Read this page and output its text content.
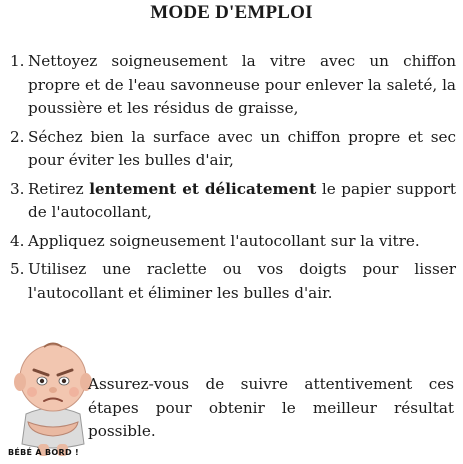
MODE D'EMPLOI
1. Nettoyez soigneusement la vitre avec un chiffon propre et de l'eau savonneuse pour enlever la saleté, la poussière et les résidus de graisse,
2. Séchez bien la surface avec un chiffon propre et sec pour éviter les bulles d'air,
3. Retirez lentement et délicatement le papier support de l'autocollant,
4. Appliquez soigneusement l'autocollant sur la vitre.
5. Utilisez une raclette ou vos doigts pour lisser l'autocollant et éliminer les bulles d'air.
BÉBÉ À BORD !

Assurez-vous de suivre attentivement ces étapes pour obtenir le meilleur résultat possible.
